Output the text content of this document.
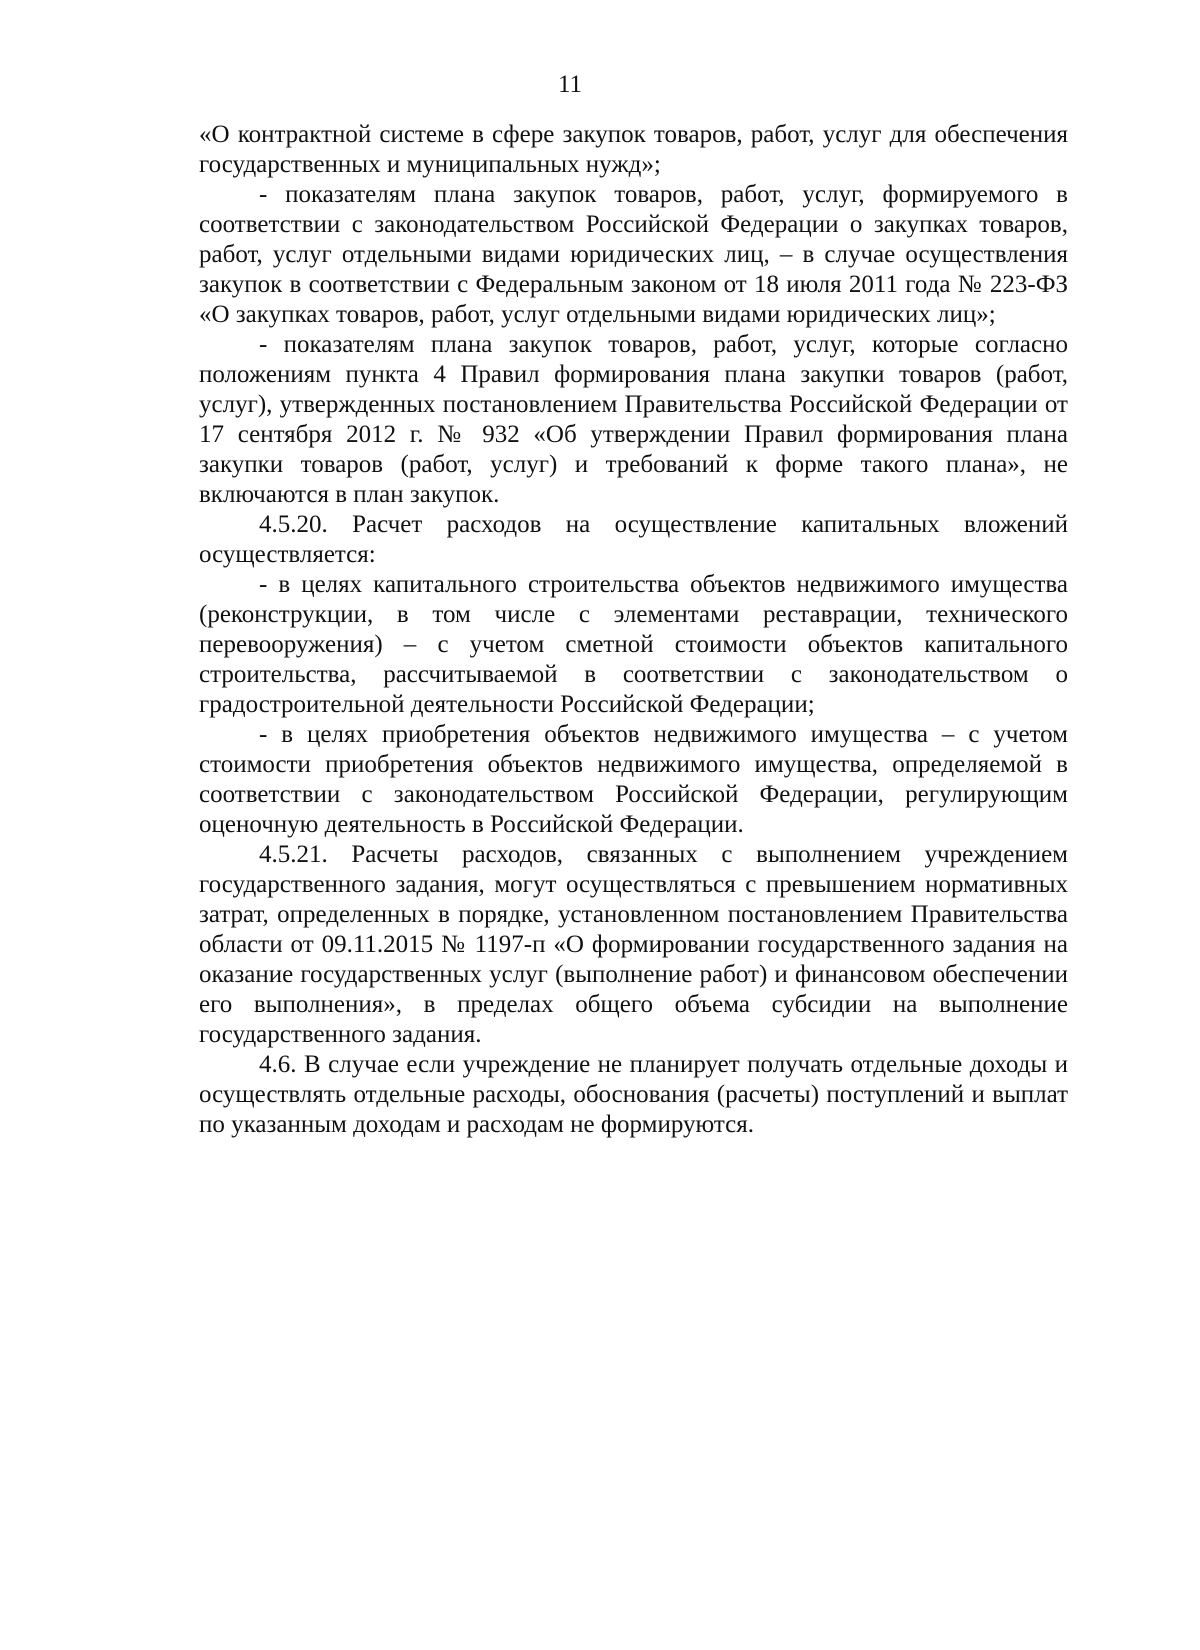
11

«О контрактной системе в сфере закупок товаров, работ, услуг для обеспечения государственных и муниципальных нужд»;

- показателям плана закупок товаров, работ, услуг, формируемого в соответствии с законодательством Российской Федерации о закупках товаров, работ, услуг отдельными видами юридических лиц, – в случае осуществления закупок в соответствии с Федеральным законом от 18 июля 2011 года № 223-ФЗ «О закупках товаров, работ, услуг отдельными видами юридических лиц»;

- показателям плана закупок товаров, работ, услуг, которые согласно положениям пункта 4 Правил формирования плана закупки товаров (работ, услуг), утвержденных постановлением Правительства Российской Федерации от 17 сентября 2012 г. № 932 «Об утверждении Правил формирования плана закупки товаров (работ, услуг) и требований к форме такого плана», не включаются в план закупок.

4.5.20. Расчет расходов на осуществление капитальных вложений осуществляется:

- в целях капитального строительства объектов недвижимого имущества (реконструкции, в том числе с элементами реставрации, технического перевооружения) – с учетом сметной стоимости объектов капитального строительства, рассчитываемой в соответствии с законодательством о градостроительной деятельности Российской Федерации;

- в целях приобретения объектов недвижимого имущества – с учетом стоимости приобретения объектов недвижимого имущества, определяемой в соответствии с законодательством Российской Федерации, регулирующим оценочную деятельность в Российской Федерации.

4.5.21. Расчеты расходов, связанных с выполнением учреждением государственного задания, могут осуществляться с превышением нормативных затрат, определенных в порядке, установленном постановлением Правительства области от 09.11.2015 № 1197-п «О формировании государственного задания на оказание государственных услуг (выполнение работ) и финансовом обеспечении его выполнения», в пределах общего объема субсидии на выполнение государственного задания.

4.6. В случае если учреждение не планирует получать отдельные доходы и осуществлять отдельные расходы, обоснования (расчеты) поступлений и выплат по указанным доходам и расходам не формируются.
